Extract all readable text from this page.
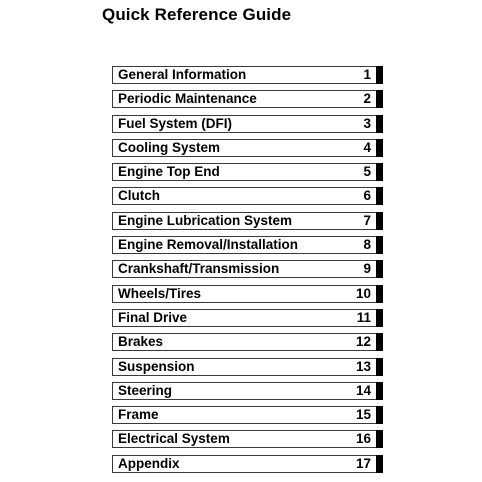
Quick Reference Guide
General Information	1
Periodic Maintenance	2
Fuel System (DFI)	3
Cooling System	4
Engine Top End	5
Clutch	6
Engine Lubrication System	7
Engine Removal/Installation	8
Crankshaft/Transmission	9
Wheels/Tires	10
Final Drive	11
Brakes	12
Suspension	13
Steering	14
Frame	15
Electrical System	16
Appendix	17
